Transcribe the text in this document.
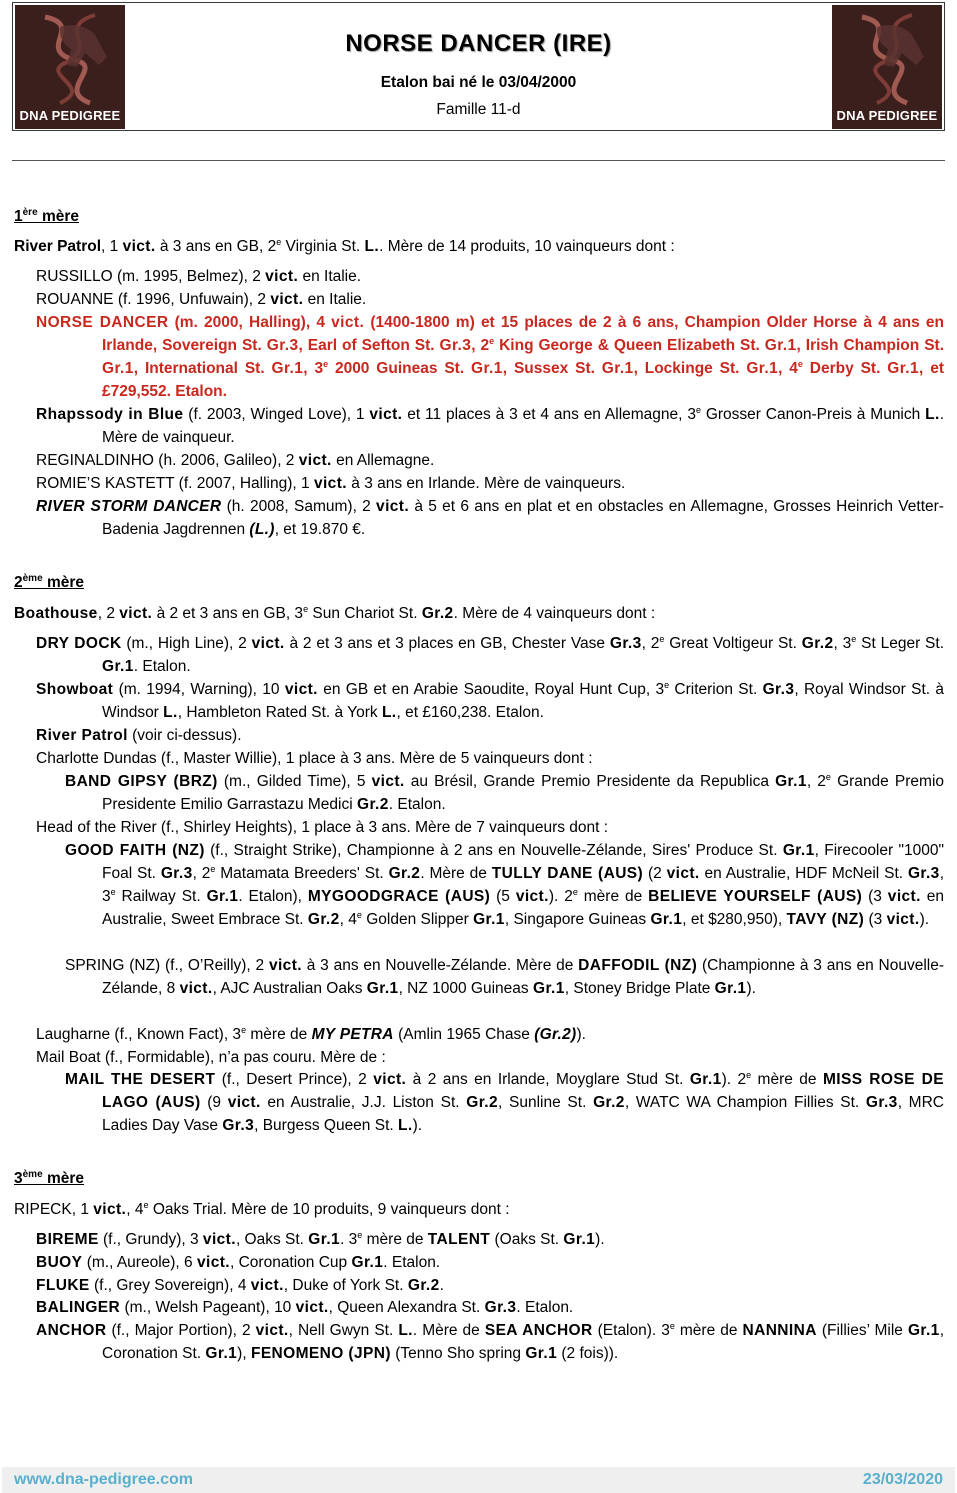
DNA PEDIGREE
NORSE DANCER (IRE)
Etalon bai né le 03/04/2000
Famille 11-d	DNA PEDIGREE
1ère mère
River Patrol, 1 vict. à 3 ans en GB, 2e Virginia St. L.. Mère de 14 produits, 10 vainqueurs dont :
RUSSILLO (m. 1995, Belmez), 2 vict. en Italie.
ROUANNE (f. 1996, Unfuwain), 2 vict. en Italie.
NORSE DANCER (m. 2000, Halling), 4 vict. (1400-1800 m) et 15 places de 2 à 6 ans, Champion Older Horse à 4 ans en Irlande, Sovereign St. Gr.3, Earl of Sefton St. Gr.3, 2e King George & Queen Elizabeth St. Gr.1, Irish Champion St. Gr.1, International St. Gr.1, 3e 2000 Guineas St. Gr.1, Sussex St. Gr.1, Lockinge St. Gr.1, 4e Derby St. Gr.1, et £729,552. Etalon.
Rhapssody in Blue (f. 2003, Winged Love), 1 vict. et 11 places à 3 et 4 ans en Allemagne, 3e Grosser Canon-Preis à Munich L.. Mère de vainqueur.
REGINALDINHO (h. 2006, Galileo), 2 vict. en Allemagne.
ROMIE’S KASTETT (f. 2007, Halling), 1 vict. à 3 ans en Irlande. Mère de vainqueurs.
RIVER STORM DANCER (h. 2008, Samum), 2 vict. à 5 et 6 ans en plat et en obstacles en Allemagne, Grosses Heinrich Vetter-Badenia Jagdrennen (L.), et 19.870 €.
2ème mère
Boathouse, 2 vict. à 2 et 3 ans en GB, 3e Sun Chariot St. Gr.2. Mère de 4 vainqueurs dont :
DRY DOCK (m., High Line), 2 vict. à 2 et 3 ans et 3 places en GB, Chester Vase Gr.3, 2e Great Voltigeur St. Gr.2, 3e St Leger St. Gr.1. Etalon.
Showboat (m. 1994, Warning), 10 vict. en GB et en Arabie Saoudite, Royal Hunt Cup, 3e Criterion St. Gr.3, Royal Windsor St. à Windsor L., Hambleton Rated St. à York L., et £160,238. Etalon.
River Patrol (voir ci-dessus).
Charlotte Dundas (f., Master Willie), 1 place à 3 ans. Mère de 5 vainqueurs dont :
BAND GIPSY (BRZ) (m., Gilded Time), 5 vict. au Brésil, Grande Premio Presidente da Republica Gr.1, 2e Grande Premio Presidente Emilio Garrastazu Medici Gr.2. Etalon.
Head of the River (f., Shirley Heights), 1 place à 3 ans. Mère de 7 vainqueurs dont :
GOOD FAITH (NZ) (f., Straight Strike), Championne à 2 ans en Nouvelle-Zélande, Sires' Produce St. Gr.1, Firecooler "1000" Foal St. Gr.3, 2e Matamata Breeders' St. Gr.2. Mère de TULLY DANE (AUS) (2 vict. en Australie, HDF McNeil St. Gr.3, 3e Railway St. Gr.1. Etalon), MYGOODGRACE (AUS) (5 vict.). 2e mère de BELIEVE YOURSELF (AUS) (3 vict. en Australie, Sweet Embrace St. Gr.2, 4e Golden Slipper Gr.1, Singapore Guineas Gr.1, et $280,950), TAVY (NZ) (3 vict.).
SPRING (NZ) (f., O’Reilly), 2 vict. à 3 ans en Nouvelle-Zélande. Mère de DAFFODIL (NZ) (Championne à 3 ans en Nouvelle-Zélande, 8 vict., AJC Australian Oaks Gr.1, NZ 1000 Guineas Gr.1, Stoney Bridge Plate Gr.1).
Laugharne (f., Known Fact), 3e mère de MY PETRA (Amlin 1965 Chase (Gr.2)).
Mail Boat (f., Formidable), n’a pas couru. Mère de :
MAIL THE DESERT (f., Desert Prince), 2 vict. à 2 ans en Irlande, Moyglare Stud St. Gr.1). 2e mère de MISS ROSE DE LAGO (AUS) (9 vict. en Australie, J.J. Liston St. Gr.2, Sunline St. Gr.2, WATC WA Champion Fillies St. Gr.3, MRC Ladies Day Vase Gr.3, Burgess Queen St. L.).
3ème mère
RIPECK, 1 vict., 4e Oaks Trial. Mère de 10 produits, 9 vainqueurs dont :
BIREME (f., Grundy), 3 vict., Oaks St. Gr.1. 3e mère de TALENT (Oaks St. Gr.1).
BUOY (m., Aureole), 6 vict., Coronation Cup Gr.1. Etalon.
FLUKE (f., Grey Sovereign), 4 vict., Duke of York St. Gr.2.
BALINGER (m., Welsh Pageant), 10 vict., Queen Alexandra St. Gr.3. Etalon.
ANCHOR (f., Major Portion), 2 vict., Nell Gwyn St. L.. Mère de SEA ANCHOR (Etalon). 3e mère de NANNINA (Fillies’ Mile Gr.1, Coronation St. Gr.1), FENOMENO (JPN) (Tenno Sho spring Gr.1 (2 fois)).
www.dna-pedigree.com	23/03/2020
